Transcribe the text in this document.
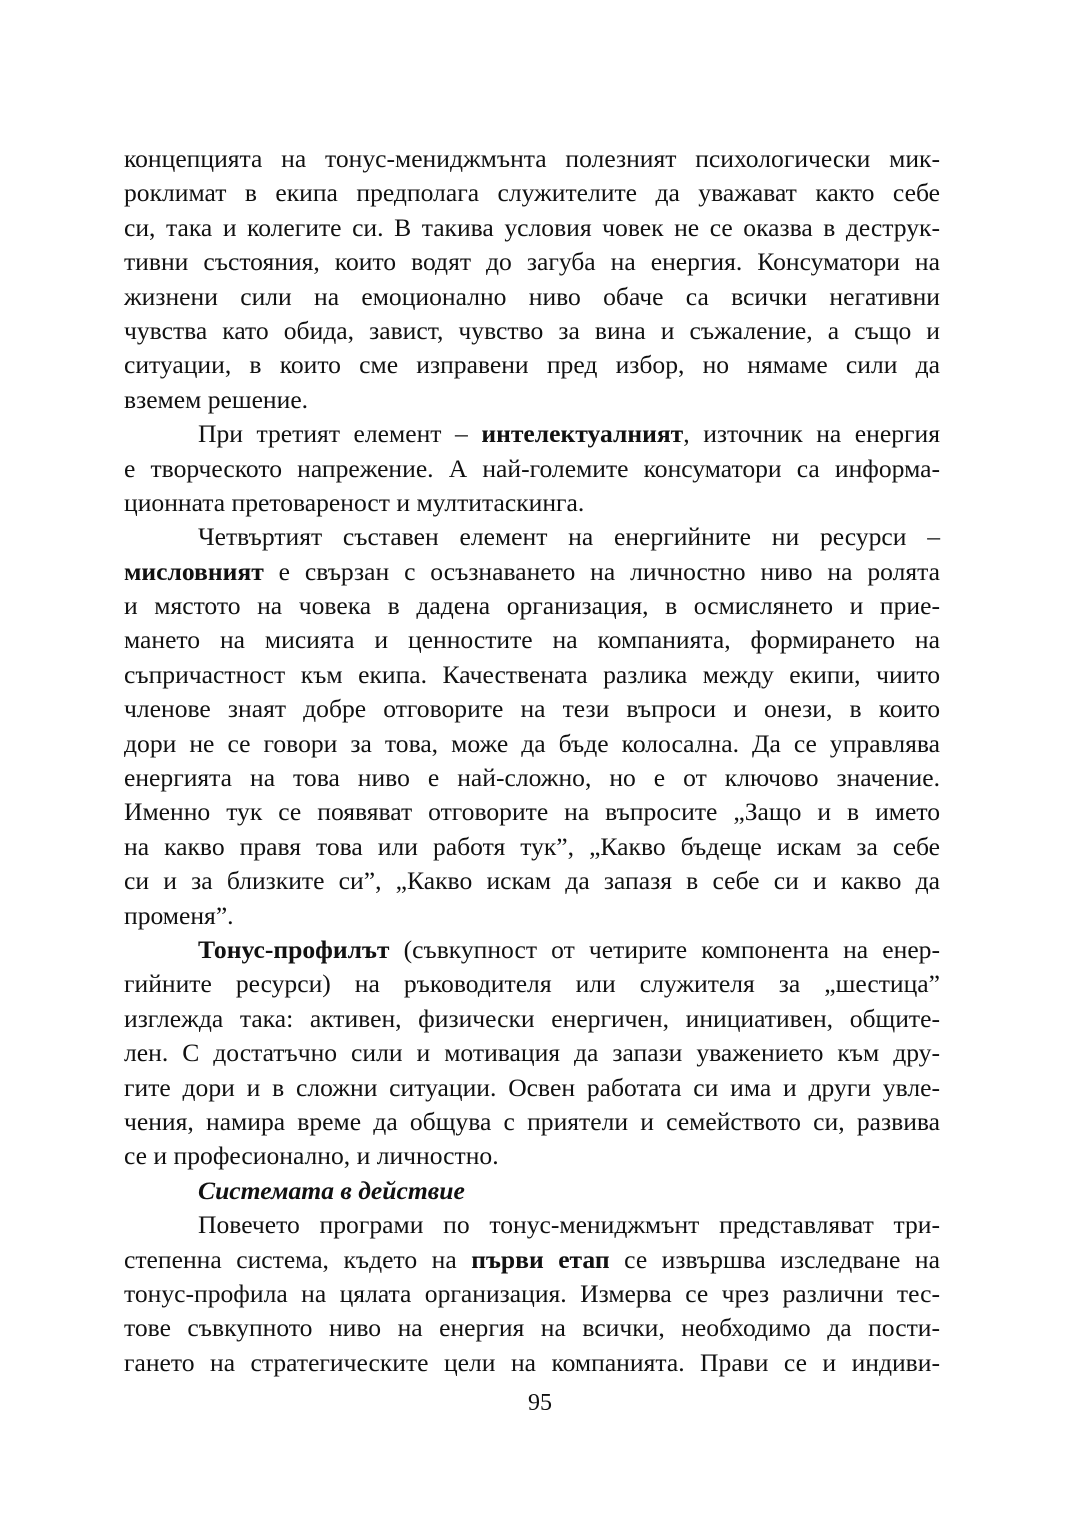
концепцията на тонус-мениджмънта полезният психологически мик-
роклимат в екипа предполага служителите да уважават както себе
си, така и колегите си. В такива условия човек не се оказва в деструк-
тивни състояния, които водят до загуба на енергия. Консуматори на
жизнени сили на емоционално ниво обаче са всички негативни
чувства като обида, завист, чувство за вина и съжаление, а също и
ситуации, в които сме изправени пред избор, но нямаме сили да
вземем решение.
При третият елемент – интелектуалният, източник на енергия
е творческото напрежение. А най-големите консуматори са информа-
ционната претовареност и мултитаскинга.
Четвъртият съставен елемент на енергийните ни ресурси –
мисловният е свързан с осъзнаването на личностно ниво на ролята
и мястото на човека в дадена организация, в осмислянето и прие-
мането на мисията и ценностите на компанията, формирането на
съпричастност към екипа. Качествената разлика между екипи, чиито
членове знаят добре отговорите на тези въпроси и онези, в които
дори не се говори за това, може да бъде колосална. Да се управлява
енергията на това ниво е най-сложно, но е от ключово значение.
Именно тук се появяват отговорите на въпросите „Защо и в името
на какво правя това или работя тук”, „Какво бъдеще искам за себе
си и за близките си”, „Какво искам да запазя в себе си и какво да
променя”.
Тонус-профилът (съвкупност от четирите компонента на енер-
гийните ресурси) на ръководителя или служителя за „шестица”
изглежда така: активен, физически енергичен, инициативен, общите-
лен. С достатъчно сили и мотивация да запази уважението към дру-
гите дори и в сложни ситуации. Освен работата си има и други увле-
чения, намира време да общува с приятели и семейството си, развива
се и професионално, и личностно.
Системата в действие
Повечето програми по тонус-мениджмънт представляват три-
степенна система, където на първи етап се извършва изследване на
тонус-профила на цялата организация. Измерва се чрез различни тес-
тове съвкупното ниво на енергия на всички, необходимо да пости-
гането на стратегическите цели на компанията. Прави се и индиви-
95
